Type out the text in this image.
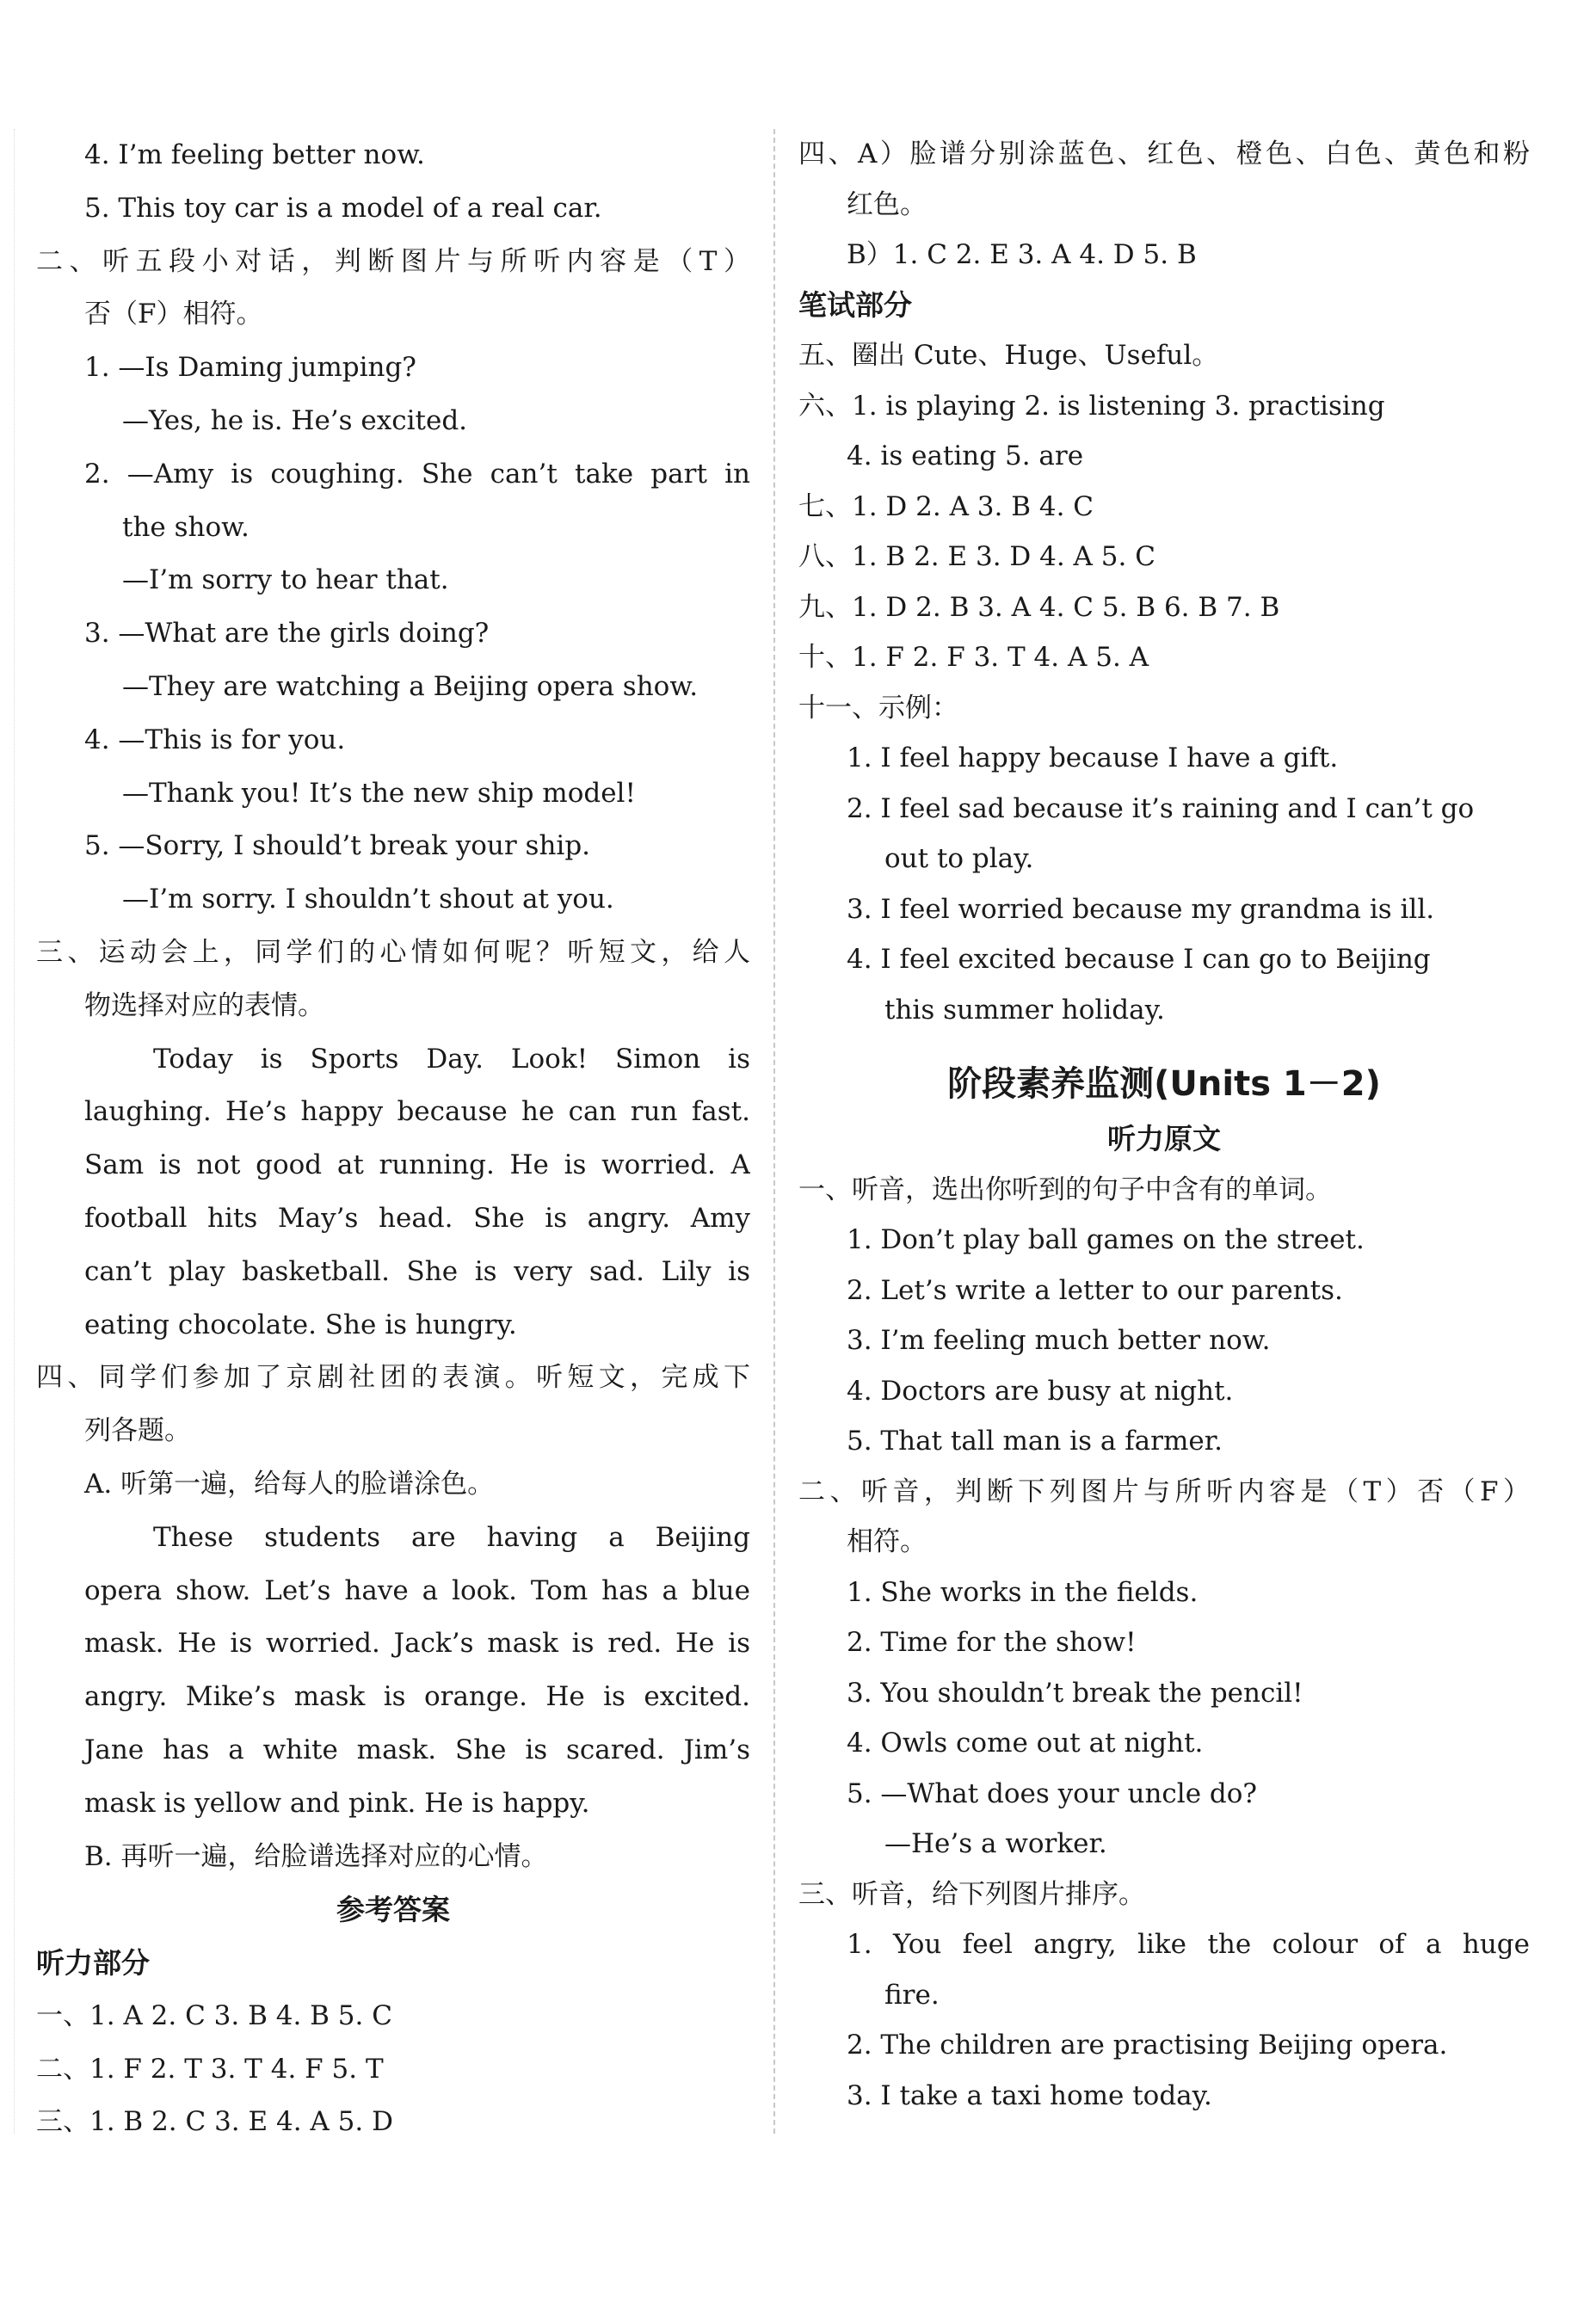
4. I’m feeling better now.
5. This toy car is a model of a real car.
二、听五段小对话，判断图片与所听内容是（T）
否（F）相符。
1. —Is Daming jumping?
—Yes, he is. He’s excited.
2. —Amy is coughing. She can’t take part in
the show.
—I’m sorry to hear that.
3. —What are the girls doing?
—They are watching a Beijing opera show.
4. —This is for you.
—Thank you! It’s the new ship model!
5. —Sorry, I should’t break your ship.
—I’m sorry. I shouldn’t shout at you.
三、运动会上，同学们的心情如何呢？听短文，给人
物选择对应的表情。
Today is Sports Day. Look! Simon is
laughing. He’s happy because he can run fast.
Sam is not good at running. He is worried. A
football hits May’s head. She is angry. Amy
can’t play basketball. She is very sad. Lily is
eating chocolate. She is hungry.
四、同学们参加了京剧社团的表演。听短文，完成下
列各题。
A. 听第一遍，给每人的脸谱涂色。
These students are having a Beijing
opera show. Let’s have a look. Tom has a blue
mask. He is worried. Jack’s mask is red. He is
angry. Mike’s mask is orange. He is excited.
Jane has a white mask. She is scared. Jim’s
mask is yellow and pink. He is happy.
B. 再听一遍，给脸谱选择对应的心情。
参考答案
听力部分
一、1. A 2. C 3. B 4. B 5. C
二、1. F 2. T 3. T 4. F 5. T
三、1. B 2. C 3. E 4. A 5. D
四、A）脸谱分别涂蓝色、红色、橙色、白色、黄色和粉
红色。
B）1. C 2. E 3. A 4. D 5. B
笔试部分
五、圈出 Cute、Huge、Useful。
六、1. is playing 2. is listening 3. practising
4. is eating 5. are
七、1. D 2. A 3. B 4. C
八、1. B 2. E 3. D 4. A 5. C
九、1. D 2. B 3. A 4. C 5. B 6. B 7. B
十、1. F 2. F 3. T 4. A 5. A
十一、示例：
1. I feel happy because I have a gift.
2. I feel sad because it’s raining and I can’t go
out to play.
3. I feel worried because my grandma is ill.
4. I feel excited because I can go to Beijing
this summer holiday.
阶段素养监测(Units 1－2)
听力原文
一、听音，选出你听到的句子中含有的单词。
1. Don’t play ball games on the street.
2. Let’s write a letter to our parents.
3. I’m feeling much better now.
4. Doctors are busy at night.
5. That tall man is a farmer.
二、听音，判断下列图片与所听内容是（T）否（F）
相符。
1. She works in the fields.
2. Time for the show!
3. You shouldn’t break the pencil!
4. Owls come out at night.
5. —What does your uncle do?
—He’s a worker.
三、听音，给下列图片排序。
1. You feel angry, like the colour of a huge
fire.
2. The children are practising Beijing opera.
3. I take a taxi home today.
